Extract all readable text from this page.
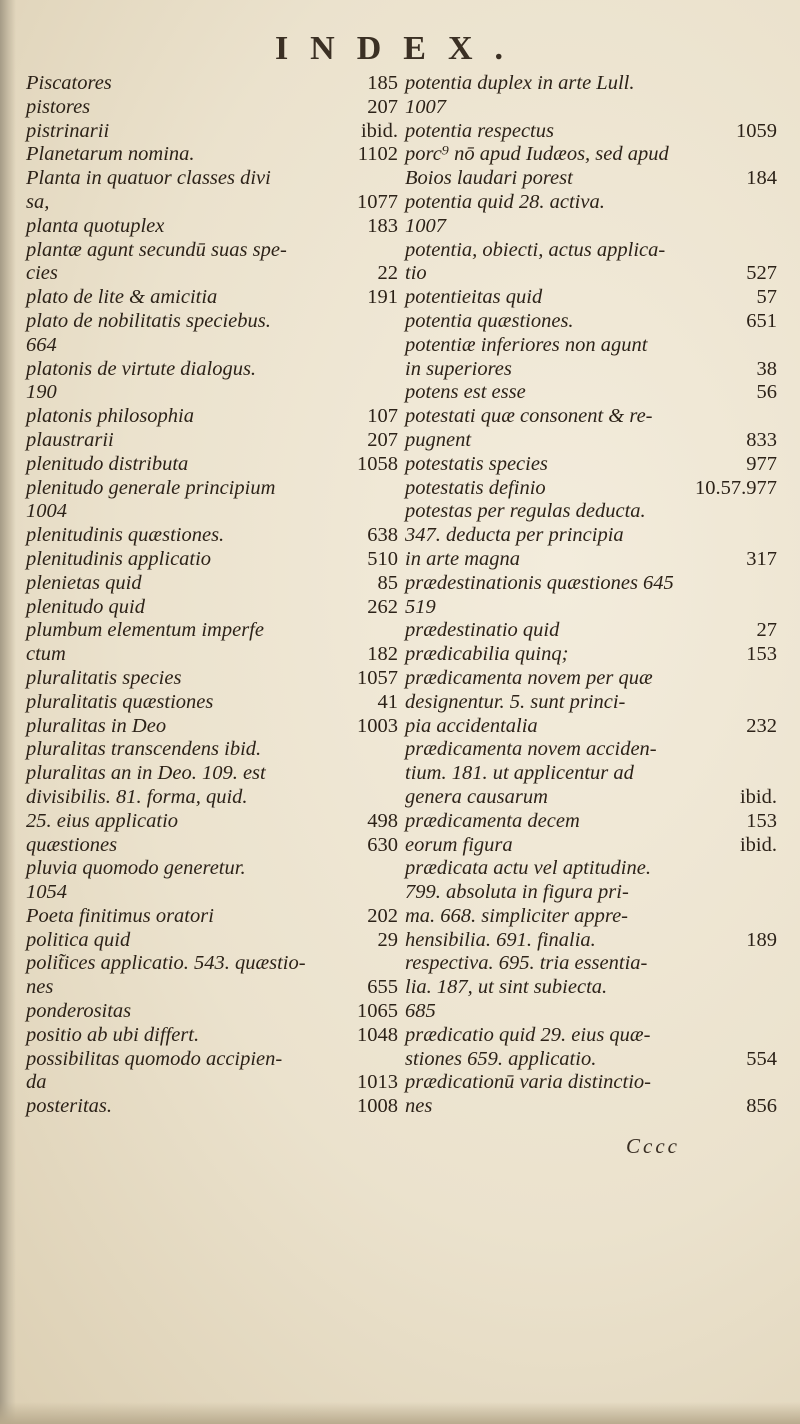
INDEX.
Piscatores	185
pistores	207
pistrinarii	ibid.
Planetarum nomina.	1102
Planta in quatuor classes divi
sa,	1077
planta quotuplex	183
plantæ agunt secundū suas spe-
cies	22
plato de lite & amicitia	191
plato de nobilitatis speciebus.
664
platonis de virtute dialogus.
190
platonis philosophia	107
plaustrarii	207
plenitudo distributa	1058
plenitudo generale principium
1004
plenitudinis quæstiones.	638
plenitudinis applicatio	510
plenietas quid	85
plenitudo quid	262
plumbum elementum imperfe
ctum	182
pluralitatis species	1057
pluralitatis quæstiones	41
pluralitas in Deo	1003
pluralitas transcendens ibid.
pluralitas an in Deo. 109. est
divisibilis. 81. forma, quid.
25. eius applicatio	498
quæstiones	630
pluvia quomodo generetur.
1054
Poeta finitimus oratori	202
politica quid	29
polit̃ices applicatio. 543. quæstio-
nes	655
ponderositas	1065
positio ab ubi differt.	1048
possibilitas quomodo accipien-
da	1013
posteritas.	1008
potentia duplex in arte Lull.
1007
potentia respectus	1059
porc⁹ nō apud Iudæos, sed apud
Boios laudari porest	184
potentia quid 28. activa.
1007
potentia, obiecti, actus applica-
tio	527
potentieitas quid	57
potentia quæstiones.	651
potentiæ inferiores non agunt
in superiores	38
potens est esse	56
potestati quæ consonent & re-
pugnent	833
potestatis species	977
potestatis definio	10.57.977
potestas per regulas deducta.
347. deducta per principia
in arte magna	317
prædestinationis quæstiones 645
519
prædestinatio quid	27
prædicabilia quinq;	153
prædicamenta novem per quæ
designentur. 5. sunt princi-
pia accidentalia	232
prædicamenta novem acciden-
tium. 181. ut applicentur ad
genera causarum	ibid.
prædicamenta decem	153
eorum figura	ibid.
prædicata actu vel aptitudine.
799. absoluta in figura pri-
ma. 668. simpliciter appre-
hensibilia. 691. finalia.	189
respectiva. 695. tria essentia-
lia. 187, ut sint subiecta.
685
prædicatio quid 29. eius quæ-
stiones 659. applicatio.	554
prædicationū varia distinctio-
nes	856
Cccc
